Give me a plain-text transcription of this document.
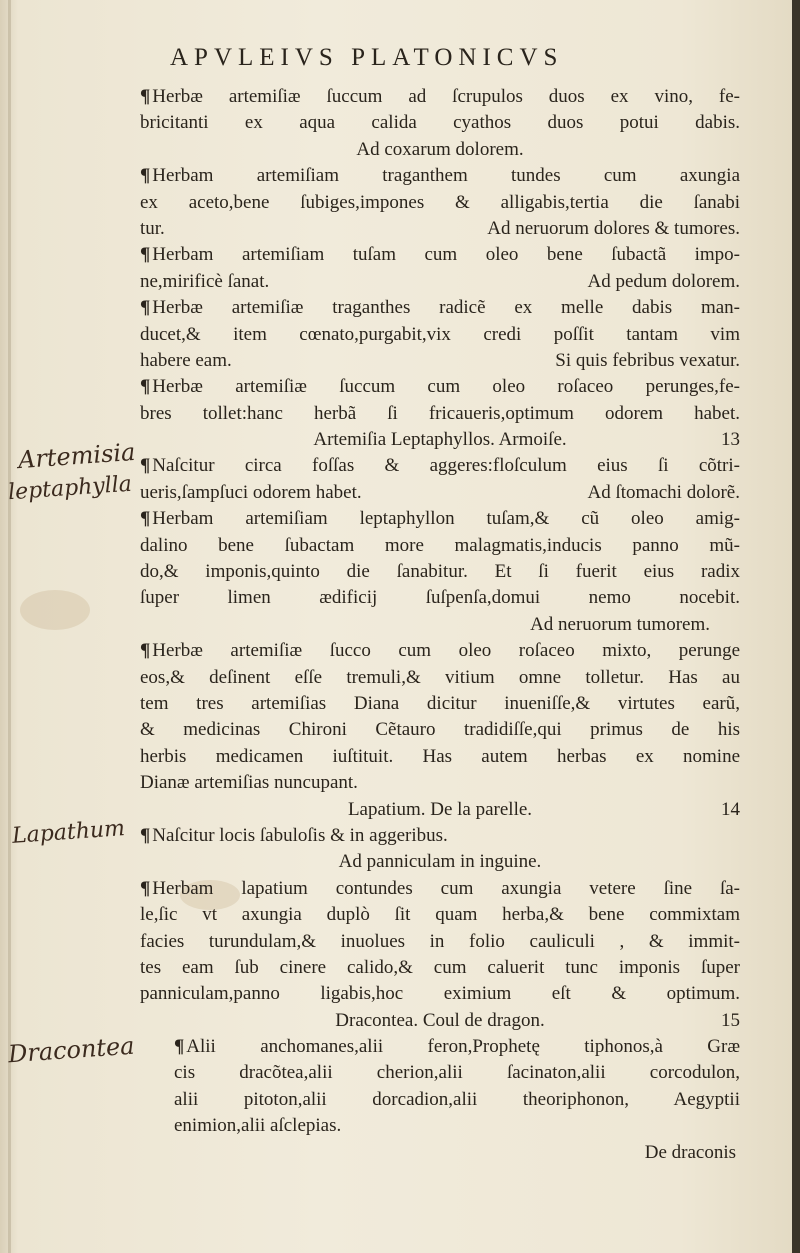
APVLEIVS PLATONICVS
¶ Herbæ artemiſiæ ſuccum ad ſcrupulos duos ex vino, fe-
bricitanti ex aqua calida cyathos duos potui dabis.
Ad coxarum dolorem.
¶ Herbam artemiſiam traganthem tundes cum axungia
ex aceto,bene ſubiges,impones & alligabis,tertia die ſanabi
tur.	Ad neruorum dolores & tumores.
¶ Herbam artemiſiam tuſam cum oleo bene ſubactã impo-
ne,mirificè ſanat.	Ad pedum dolorem.
¶ Herbæ artemiſiæ traganthes radicẽ ex melle dabis man-
ducet,& item cœnato,purgabit,vix credi poſſit tantam vim
habere eam.	Si quis febribus vexatur.
¶ Herbæ artemiſiæ ſuccum cum oleo roſaceo perunges,fe-
bres tollet:hanc herbã ſi fricaueris,optimum odorem habet.
Artemiſia Leptaphyllos. Armoiſe.	13
¶ Naſcitur circa foſſas & aggeres:floſculum eius ſi cõtri-
ueris,ſampſuci odorem habet.	Ad ſtomachi dolorẽ.
¶ Herbam artemiſiam leptaphyllon tuſam,& cũ oleo amig-
dalino bene ſubactam more malagmatis,inducis panno mũ-
do,& imponis,quinto die ſanabitur. Et ſi fuerit eius radix
ſuper limen ædificij ſuſpenſa,domui nemo nocebit.
Ad neruorum tumorem.
¶ Herbæ artemiſiæ ſucco cum oleo roſaceo mixto, perunge
eos,& deſinent eſſe tremuli,& vitium omne tolletur. Has au
tem tres artemiſias Diana dicitur inueniſſe,& virtutes earũ,
& medicinas Chironi Cẽtauro tradidiſſe,qui primus de his
herbis medicamen iuſtituit. Has autem herbas ex nomine
Dianæ artemiſias nuncupant.
Lapatium. De la parelle.	14
¶ Naſcitur locis ſabuloſis & in aggeribus.
Ad panniculam in inguine.
¶ Herbam lapatium contundes cum axungia vetere ſine ſa-
le,ſic vt axungia duplò ſit quam herba,& bene commixtam
facies turundulam,& inuolues in folio cauliculi , & immit-
tes eam ſub cinere calido,& cum caluerit tunc imponis ſuper
panniculam,panno ligabis,hoc eximium eſt & optimum.
Dracontea. Coul de dragon.	15
¶ Alii anchomanes,alii feron,Prophetę tiphonos,à Græ
cis dracõtea,alii cherion,alii ſacinaton,alii corcodulon,
alii pitoton,alii dorcadion,alii theoriphonon, Aegyptii
enimion,alii aſclepias.
De draconis
Artemisia
leptaphylla
Lapathum
Dracontea
